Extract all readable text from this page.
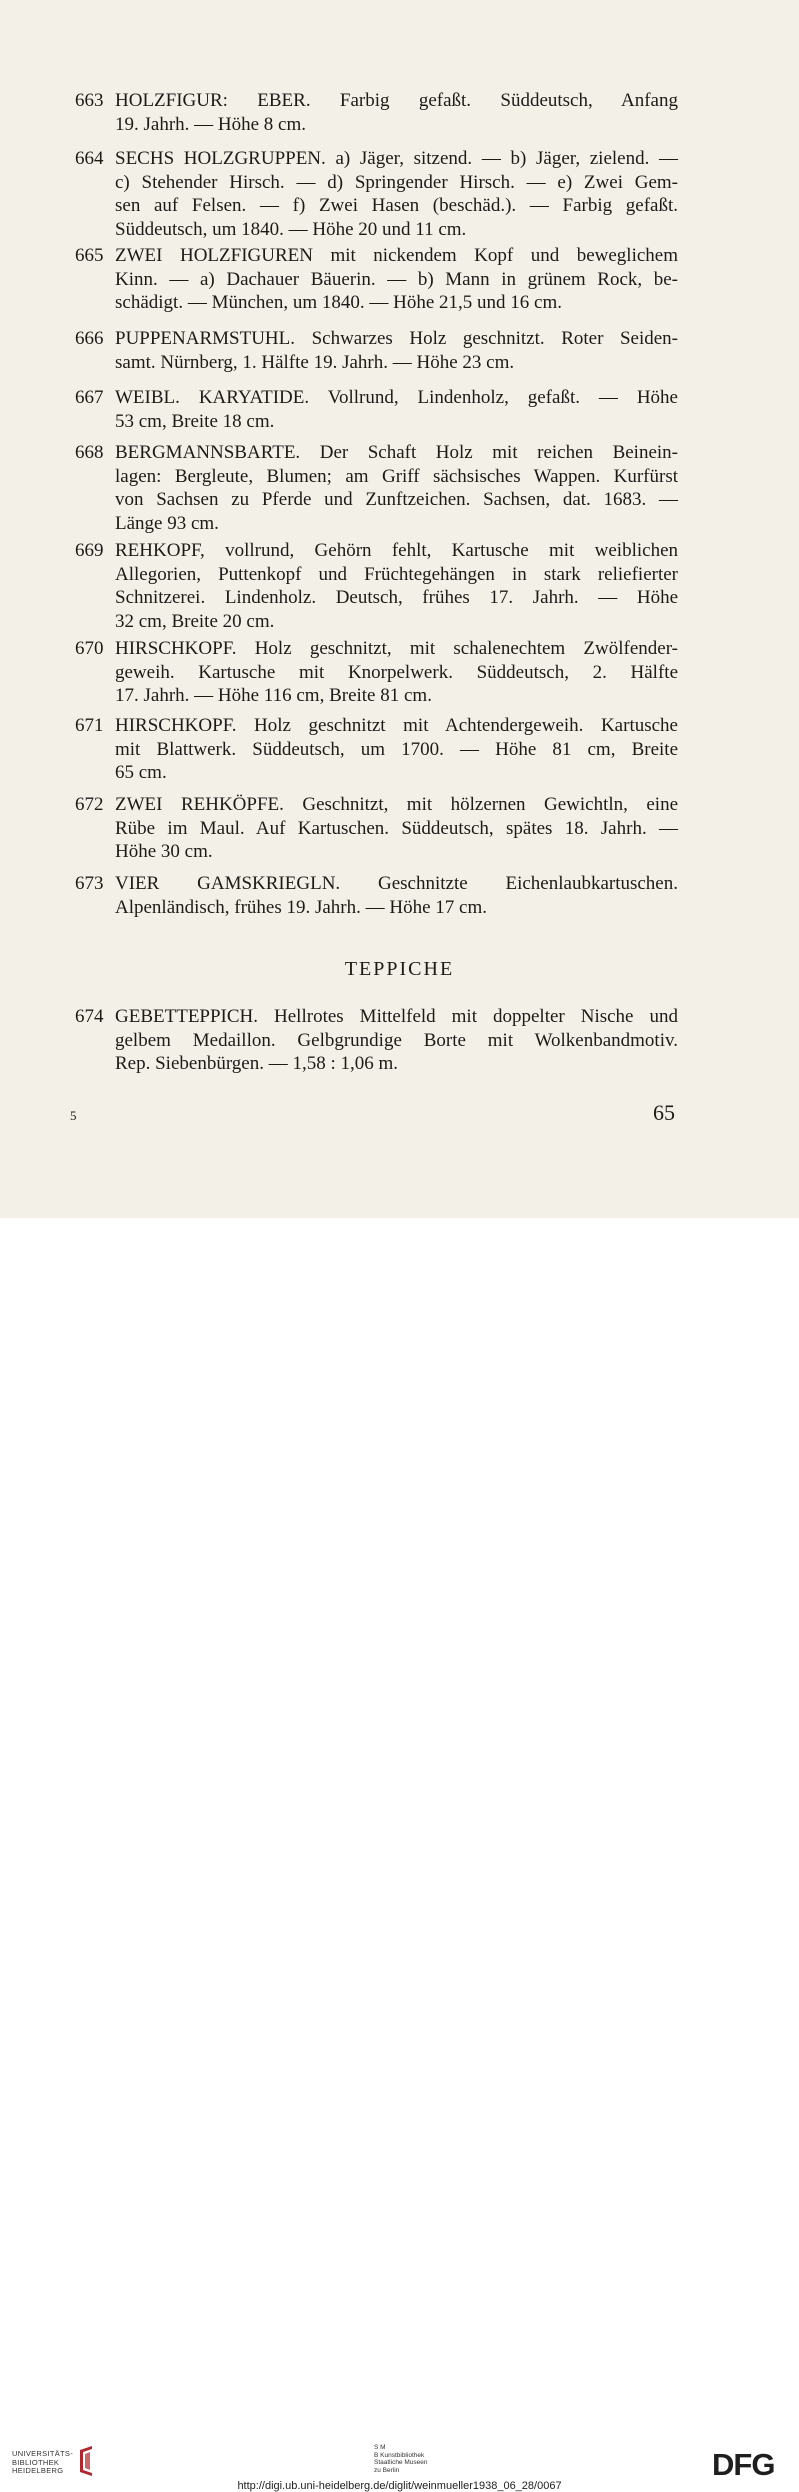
663 HOLZFIGUR: EBER. Farbig gefaßt. Süddeutsch, Anfang
19. Jahrh. — Höhe 8 cm.
664 SECHS HOLZGRUPPEN. a) Jäger, sitzend. — b) Jäger, zielend. —
c) Stehender Hirsch. — d) Springender Hirsch. — e) Zwei Gem-
sen auf Felsen. — f) Zwei Hasen (beschäd.). — Farbig gefaßt.
Süddeutsch, um 1840. — Höhe 20 und 11 cm.
665 ZWEI HOLZFIGUREN mit nickendem Kopf und beweglichem
Kinn. — a) Dachauer Bäuerin. — b) Mann in grünem Rock, be-
schädigt. — München, um 1840. — Höhe 21,5 und 16 cm.
666 PUPPENARMSTUHL. Schwarzes Holz geschnitzt. Roter Seiden-
samt. Nürnberg, 1. Hälfte 19. Jahrh. — Höhe 23 cm.
667 WEIBL. KARYATIDE. Vollrund, Lindenholz, gefaßt. — Höhe
53 cm, Breite 18 cm.
668 BERGMANNSBARTE. Der Schaft Holz mit reichen Beinein-
lagen: Bergleute, Blumen; am Griff sächsisches Wappen. Kurfürst
von Sachsen zu Pferde und Zunftzeichen. Sachsen, dat. 1683. —
Länge 93 cm.
669 REHKOPF, vollrund, Gehörn fehlt, Kartusche mit weiblichen
Allegorien, Puttenkopf und Früchtegehängen in stark reliefierter
Schnitzerei. Lindenholz. Deutsch, frühes 17. Jahrh. — Höhe
32 cm, Breite 20 cm.
670 HIRSCHKOPF. Holz geschnitzt, mit schalenechtem Zwölfender-
geweih. Kartusche mit Knorpelwerk. Süddeutsch, 2. Hälfte
17. Jahrh. — Höhe 116 cm, Breite 81 cm.
671 HIRSCHKOPF. Holz geschnitzt mit Achtendergeweih. Kartusche
mit Blattwerk. Süddeutsch, um 1700. — Höhe 81 cm, Breite
65 cm.
672 ZWEI REHKÖPFE. Geschnitzt, mit hölzernen Gewichtln, eine
Rübe im Maul. Auf Kartuschen. Süddeutsch, spätes 18. Jahrh. —
Höhe 30 cm.
673 VIER GAMSKRIEGLN. Geschnitzte Eichenlaubkartuschen.
Alpenländisch, frühes 19. Jahrh. — Höhe 17 cm.
674 GEBETTEPPICH. Hellrotes Mittelfeld mit doppelter Nische und
gelbem Medaillon. Gelbgrundige Borte mit Wolkenbandmotiv.
Rep. Siebenbürgen. — 1,58 : 1,06 m.
TEPPICHE
5	65
UNIVERSITÄTS-
BIBLIOTHEK
HEIDELBERG
S M
B Kunstbibliothek
Staatliche Museen
zu Berlin	DFG
http://digi.ub.uni-heidelberg.de/diglit/weinmueller1938_06_28/0067
